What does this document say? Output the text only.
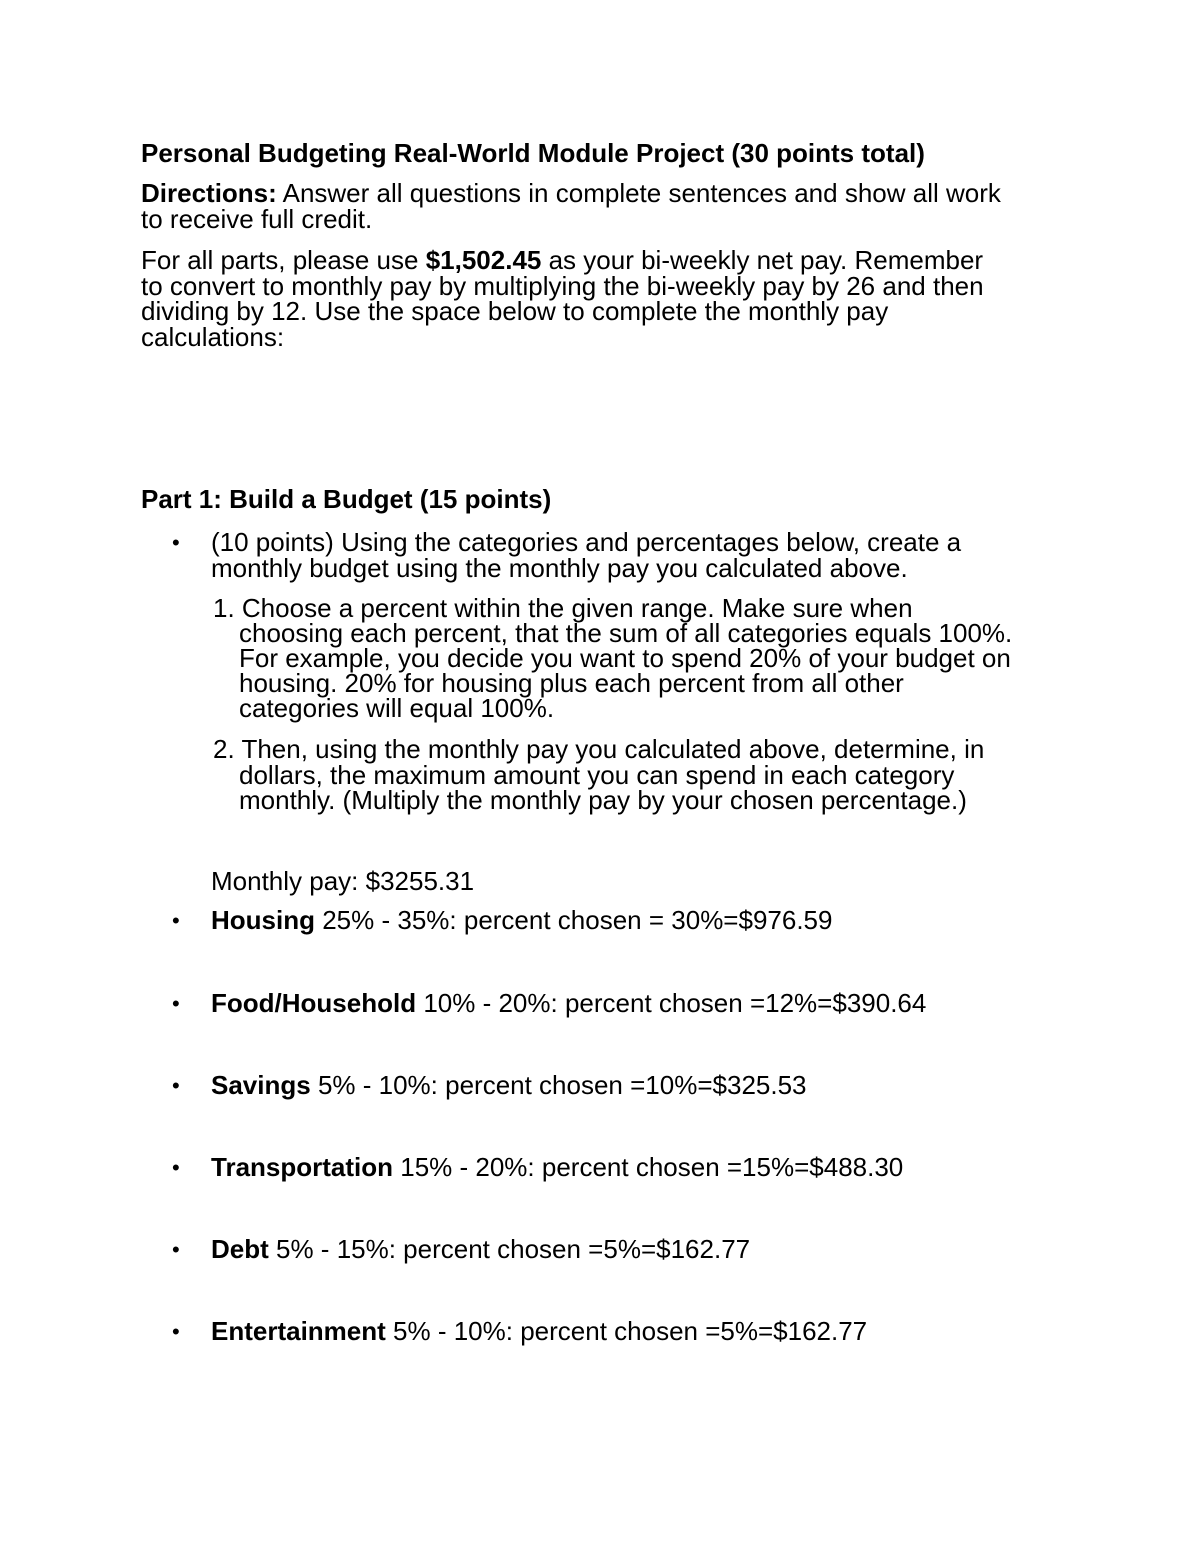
Personal Budgeting Real-World Module Project (30 points total)
Directions: Answer all questions in complete sentences and show all work
to receive full credit.
For all parts, please use $1,502.45 as your bi-weekly net pay. Remember
to convert to monthly pay by multiplying the bi-weekly pay by 26 and then
dividing by 12. Use the space below to complete the monthly pay
calculations:
Part 1: Build a Budget (15 points)
• (10 points) Using the categories and percentages below, create a
monthly budget using the monthly pay you calculated above.
1. Choose a percent within the given range. Make sure when
choosing each percent, that the sum of all categories equals 100%.
For example, you decide you want to spend 20% of your budget on
housing. 20% for housing plus each percent from all other
categories will equal 100%.
2. Then, using the monthly pay you calculated above, determine, in
dollars, the maximum amount you can spend in each category
monthly. (Multiply the monthly pay by your chosen percentage.)
Monthly pay: $3255.31
• Housing 25% - 35%: percent chosen = 30%=$976.59
• Food/Household 10% - 20%: percent chosen =12%=$390.64
• Savings 5% - 10%: percent chosen =10%=$325.53
• Transportation 15% - 20%: percent chosen =15%=$488.30
• Debt 5% - 15%: percent chosen =5%=$162.77
• Entertainment 5% - 10%: percent chosen =5%=$162.77
